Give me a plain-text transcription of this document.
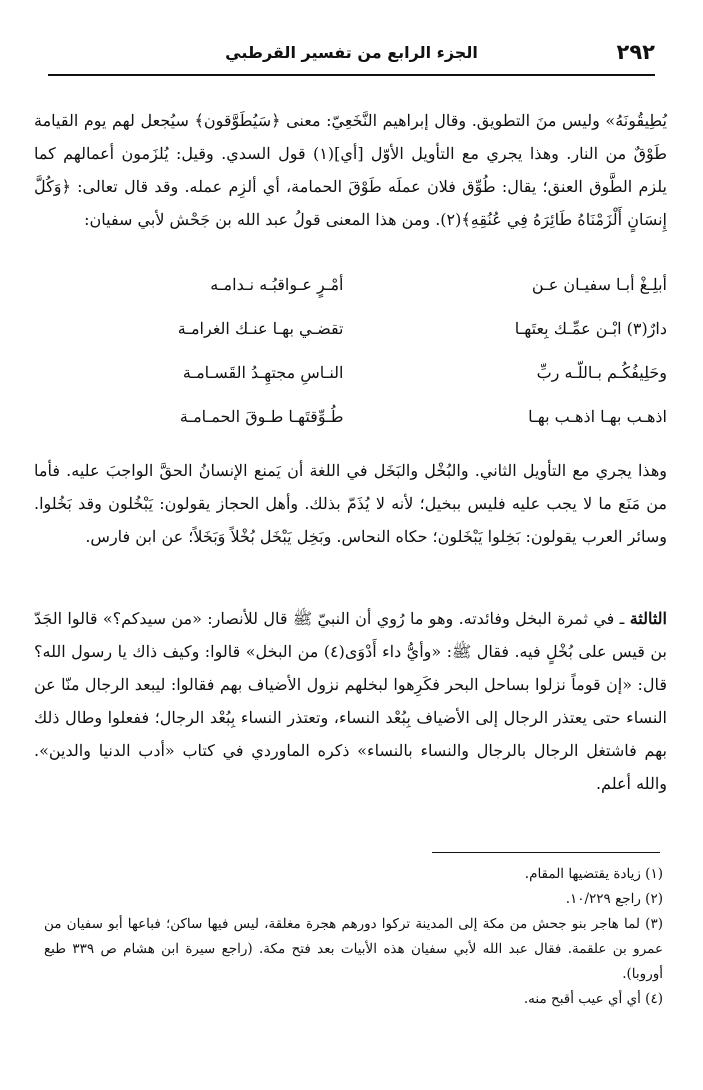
٢٩٢
الجزء الرابع من تفسير القرطبي

يُطِيقُونَهُ» وليس منَ التطويق. وقال إبراهيم النَّخَعِيّ: معنى ﴿سَيُطَوَّقون﴾ سيُجعل لهم يوم القيامة طَوْقٌ من النار. وهذا يجري مع التأويل الأوّل [أي](١) قول السدي. وقيل: يُلزَمون أعمالهم كما يلزم الطَّوق العنق؛ يقال: طُوِّق فلان عملَه طَوْقَ الحمامة، أي ألزِم عمله. وقد قال تعالى: ﴿وَكُلَّ إِنسَانٍ أَلْزَمْنَاهُ طَائِرَهُ فِي عُنُقِهِ﴾(٢). ومن هذا المعنى قولُ عبد الله بن جَحْش لأبي سفيان:

أبلِـغْ أبـا سفيـان عـن
أمْـرٍ عـواقبُـه نـدامـه
دارٌ(٣) ابْـن عمِّـك بِعتَهـا
تقضـي بهـا عنـك الغرامـة
وحَلِيفُكُـم بـاللّـه ربِّ
النـاسِ مجتهِـدُ القَسـامـة
اذهـب بهـا اذهـب بهـا
طُـوِّقتَهـا طـوقَ الحمـامـة

وهذا يجري مع التأويل الثاني. والبُخْل والبَخَل في اللغة أن يَمنع الإنسانُ الحقَّ الواجبَ عليه. فأما من مَنَع ما لا يجب عليه فليس ببخيل؛ لأنه لا يُذَمّ بذلك. وأهل الحجاز يقولون: يَبْخُلون وقد بَخُلوا. وسائر العرب يقولون: بَخِلوا يَبْخَلون؛ حكاه النحاس. وبَخِل يَبْخَل بُخْلاً وَبَخَلاً؛ عن ابن فارس.

الثالثة ـ في ثمرة البخل وفائدته. وهو ما رُوي أن النبيّ ﷺ قال للأنصار: «من سيدكم؟» قالوا الجَدّ بن قيس على بُخْلٍ فيه. فقال ﷺ: «وأيُّ داء أَدْوَى(٤) من البخل» قالوا: وكيف ذاك يا رسول الله؟ قال: «إن قوماً نزلوا بساحل البحر فكَرِهوا لبخلهم نزول الأضياف بهم فقالوا: ليبعد الرجال منّا عن النساء حتى يعتذر الرجال إلى الأضياف بِبُعْد النساء، وتعتذر النساء بِبُعْد الرجال؛ ففعلوا وطال ذلك بهم فاشتغل الرجال بالرجال والنساء بالنساء» ذكره الماوردي في كتاب «أدب الدنيا والدين». والله أعلم.

(١) زيادة يقتضيها المقام.

(٢) راجع ١٠/٢٢٩.

(٣) لما هاجر بنو جحش من مكة إلى المدينة تركوا دورهم هجرة مغلقة، ليس فيها ساكن؛ فباعها أبو سفيان من عمرو بن علقمة. فقال عبد الله لأبي سفيان هذه الأبيات بعد فتح مكة. (راجع سيرة ابن هشام ص ٣٣٩ طبع أوروبا).

(٤) أي أي عيب أقبح منه.
